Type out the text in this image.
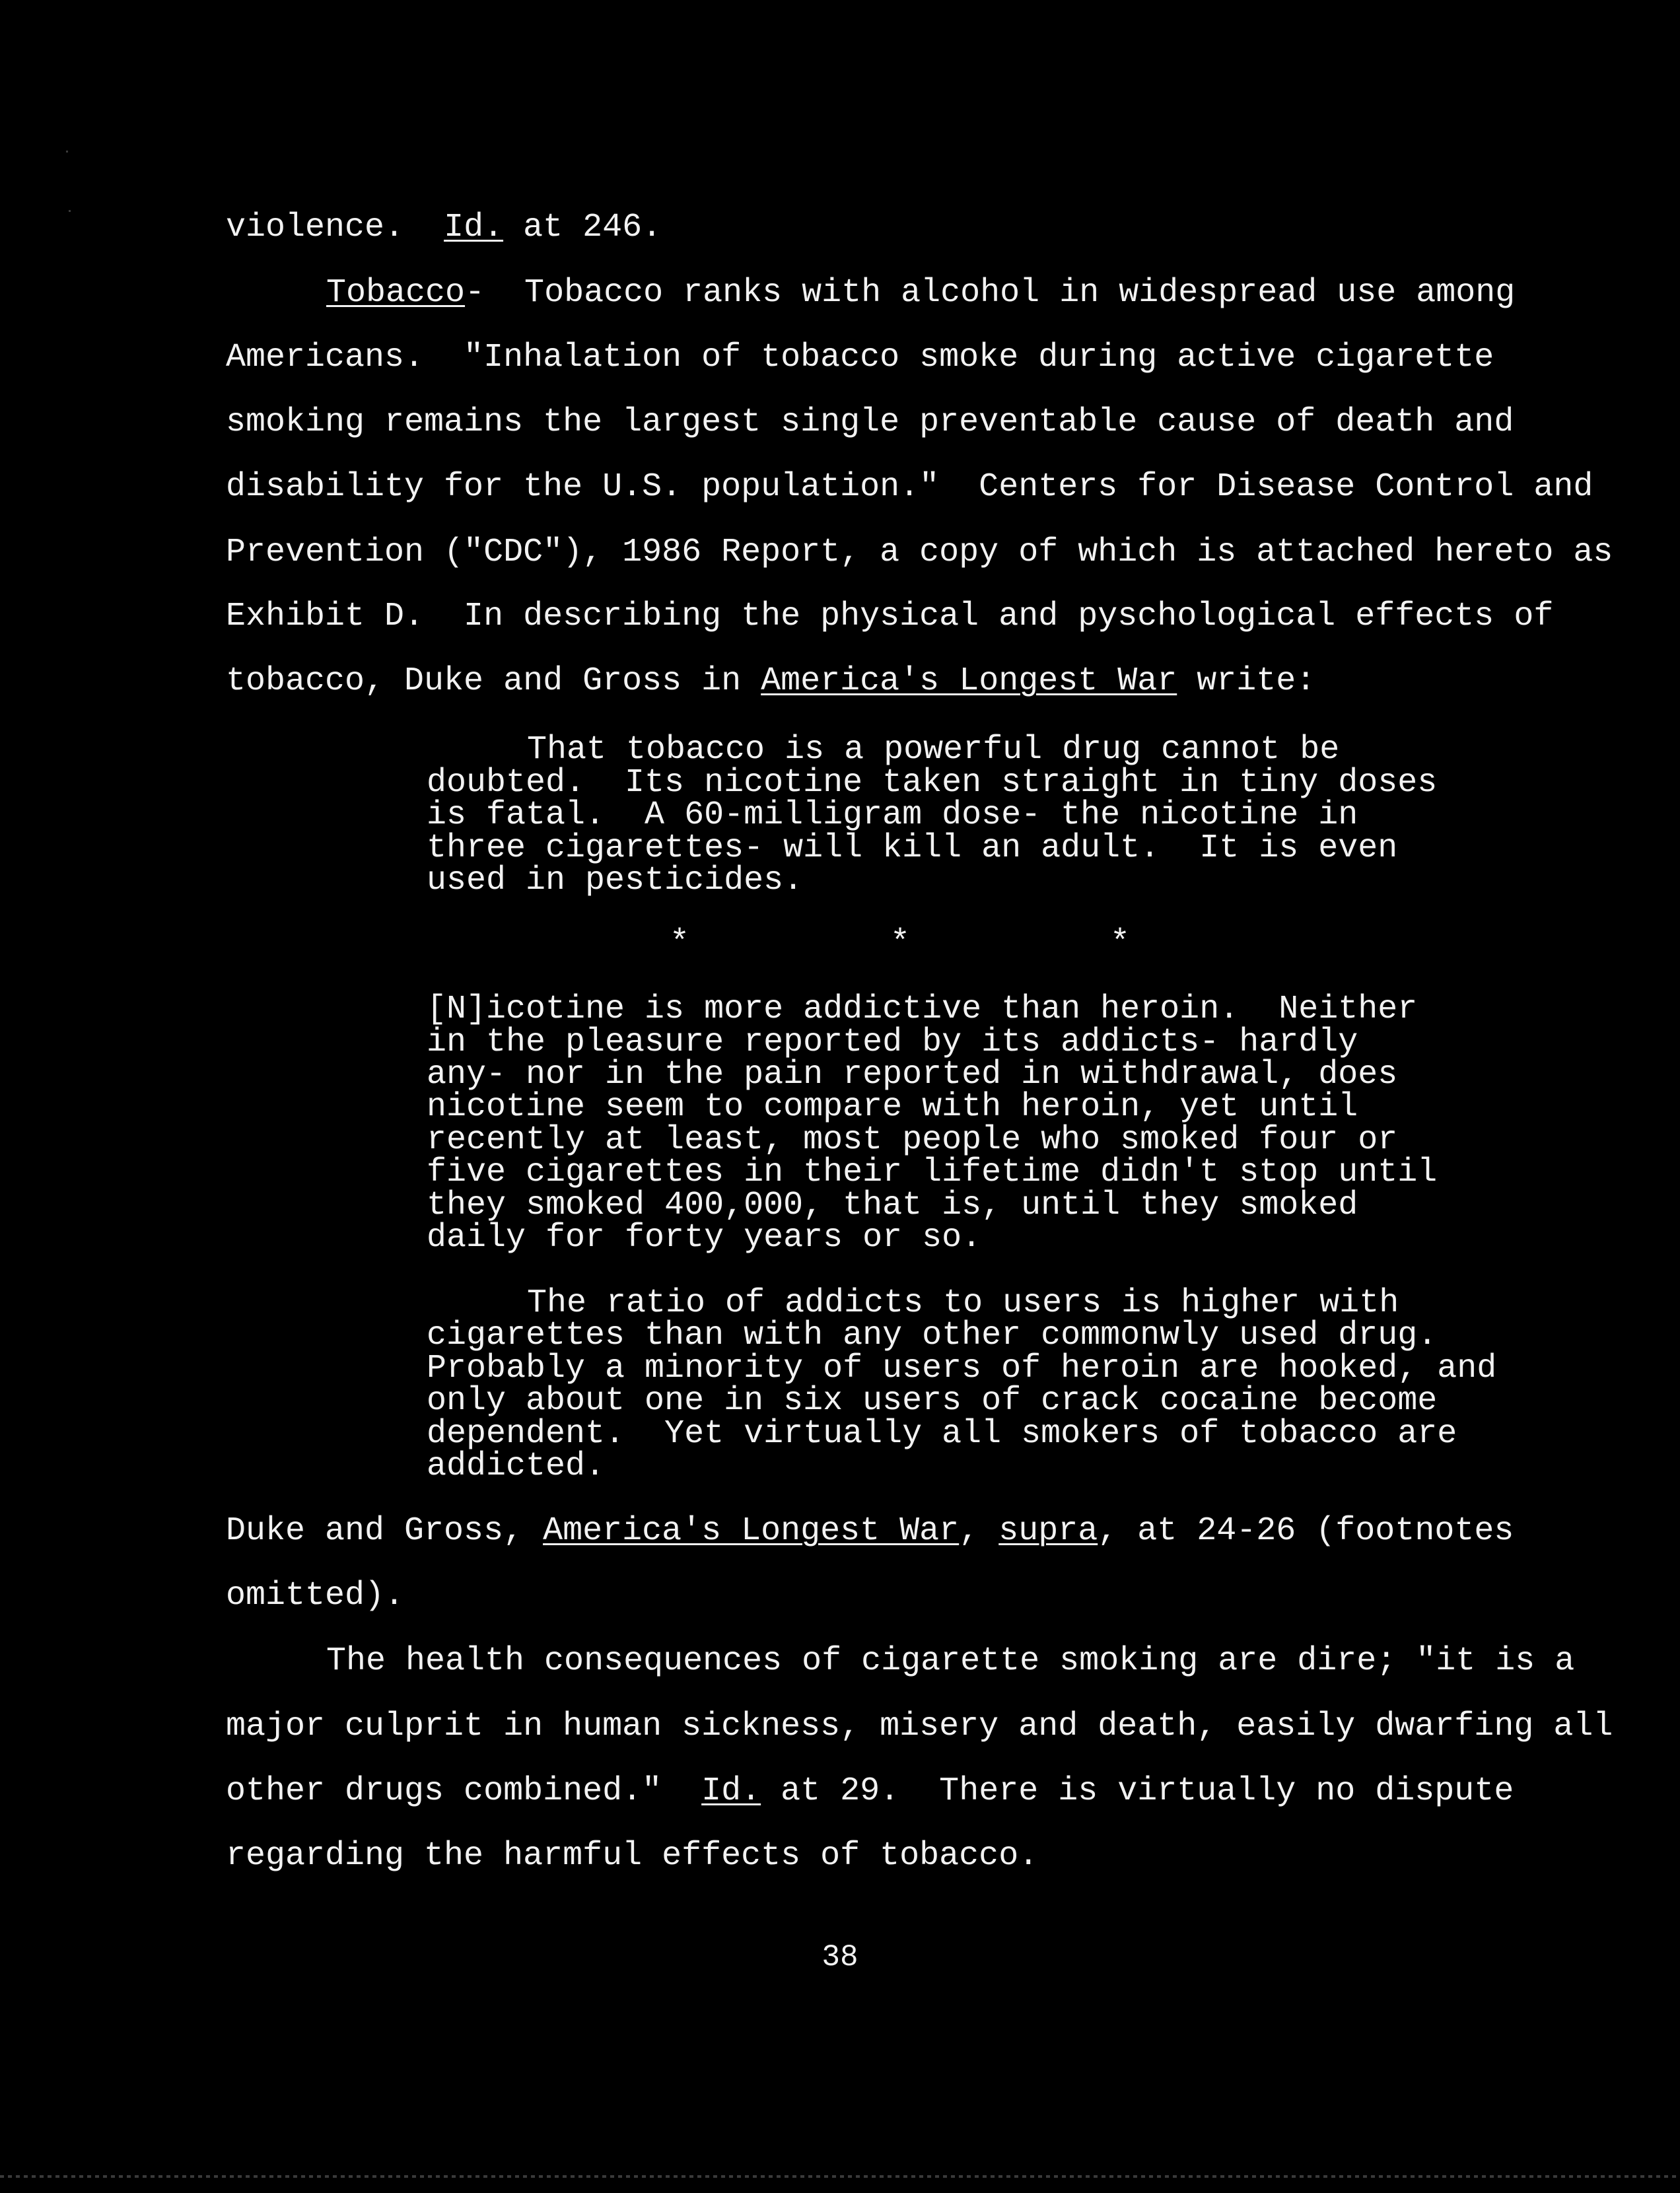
violence.  Id. at 246.
Tobacco-  Tobacco ranks with alcohol in widespread use among
Americans.  "Inhalation of tobacco smoke during active cigarette
smoking remains the largest single preventable cause of death and
disability for the U.S. population."  Centers for Disease Control and
Prevention ("CDC"), 1986 Report, a copy of which is attached hereto as
Exhibit D.  In describing the physical and pyschological effects of
tobacco, Duke and Gross in America's Longest War write:
That tobacco is a powerful drug cannot be
doubted.  Its nicotine taken straight in tiny doses
is fatal.  A 60-milligram dose- the nicotine in
three cigarettes- will kill an adult.  It is even
used in pesticides.
*	*	*
[N]icotine is more addictive than heroin.  Neither
in the pleasure reported by its addicts- hardly
any- nor in the pain reported in withdrawal, does
nicotine seem to compare with heroin, yet until
recently at least, most people who smoked four or
five cigarettes in their lifetime didn't stop until
they smoked 400,000, that is, until they smoked
daily for forty years or so.
The ratio of addicts to users is higher with
cigarettes than with any other commonwly used drug.
Probably a minority of users of heroin are hooked, and
only about one in six users of crack cocaine become
dependent.  Yet virtually all smokers of tobacco are
addicted.
Duke and Gross, America's Longest War, supra, at 24-26 (footnotes
omitted).
The health consequences of cigarette smoking are dire; "it is a
major culprit in human sickness, misery and death, easily dwarfing all
other drugs combined."  Id. at 29.  There is virtually no dispute
regarding the harmful effects of tobacco.
38
